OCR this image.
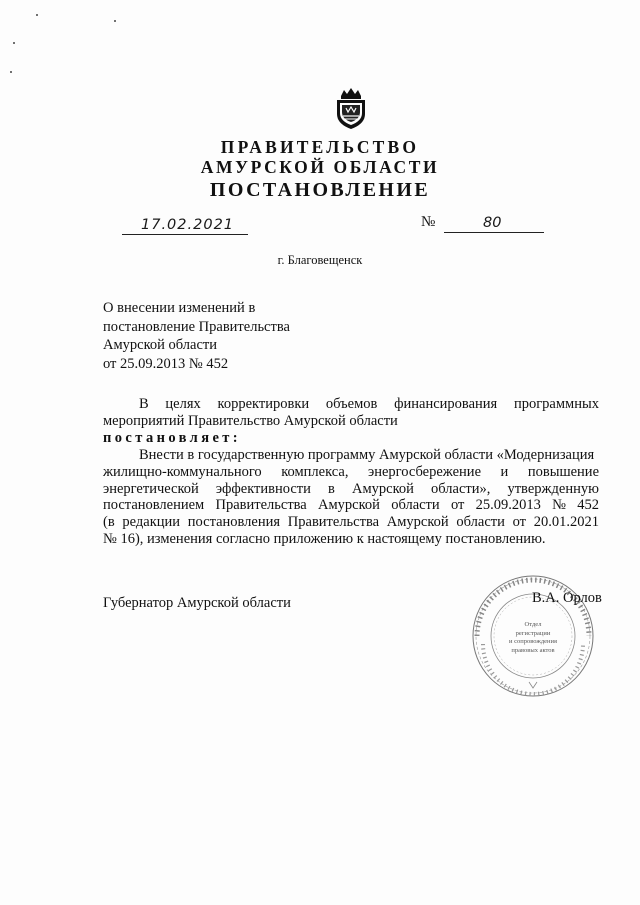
ПРАВИТЕЛЬСТВО
АМУРСКОЙ ОБЛАСТИ
ПОСТАНОВЛЕНИЕ
17.02.2021	№	80
г. Благовещенск
О внесении изменений в
постановление Правительства
Амурской области
от 25.09.2013 № 452
В целях корректировки объемов финансирования программных
мероприятий Правительство Амурской области
постановляет:
Внести в государственную программу Амурской области «Модернизация
жилищно-коммунального комплекса, энергосбережение и повышение
энергетической эффективности в Амурской области», утвержденную
постановлением Правительства Амурской области от 25.09.2013 № 452
(в редакции постановления Правительства Амурской области от 20.01.2021
№ 16), изменения согласно приложению к настоящему постановлению.
Губернатор Амурской области
Отдел
регистрации
и сопровождения
правовых актов
В.А. Орлов
